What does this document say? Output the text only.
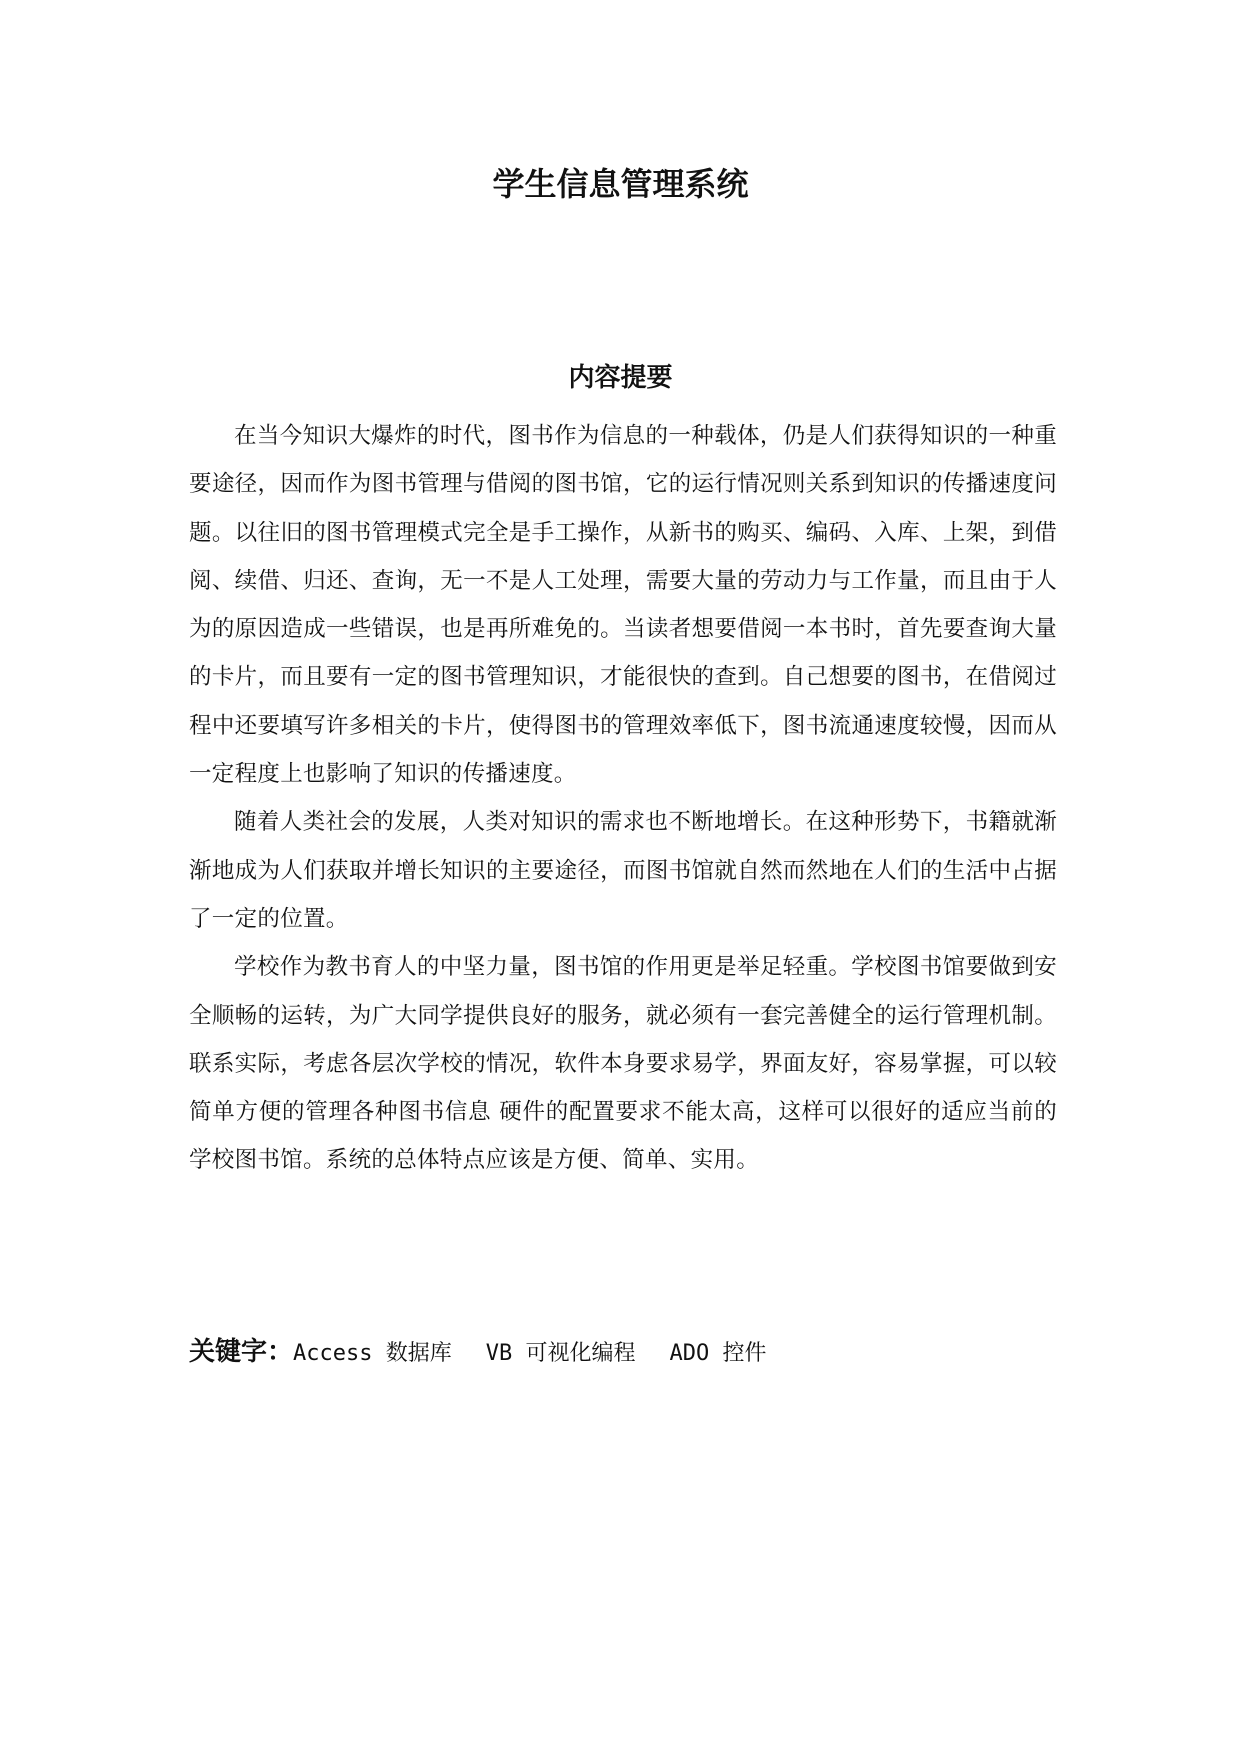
学生信息管理系统
内容提要

在当今知识大爆炸的时代，图书作为信息的一种载体，仍是人们获得知识的一种重要途径，因而作为图书管理与借阅的图书馆，它的运行情况则关系到知识的传播速度问题。以往旧的图书管理模式完全是手工操作，从新书的购买、编码、入库、上架，到借阅、续借、归还、查询，无一不是人工处理，需要大量的劳动力与工作量，而且由于人为的原因造成一些错误，也是再所难免的。当读者想要借阅一本书时，首先要查询大量的卡片，而且要有一定的图书管理知识，才能很快的查到。自己想要的图书，在借阅过程中还要填写许多相关的卡片，使得图书的管理效率低下，图书流通速度较慢，因而从一定程度上也影响了知识的传播速度。

随着人类社会的发展，人类对知识的需求也不断地增长。在这种形势下，书籍就渐渐地成为人们获取并增长知识的主要途径，而图书馆就自然而然地在人们的生活中占据了一定的位置。

学校作为教书育人的中坚力量，图书馆的作用更是举足轻重。学校图书馆要做到安全顺畅的运转，为广大同学提供良好的服务，就必须有一套完善健全的运行管理机制。联系实际，考虑各层次学校的情况，软件本身要求易学，界面友好，容易掌握，可以较简单方便的管理各种图书信息 硬件的配置要求不能太高，这样可以很好的适应当前的学校图书馆。系统的总体特点应该是方便、简单、实用。

关键字：Access 数据库 VB 可视化编程 ADO 控件
